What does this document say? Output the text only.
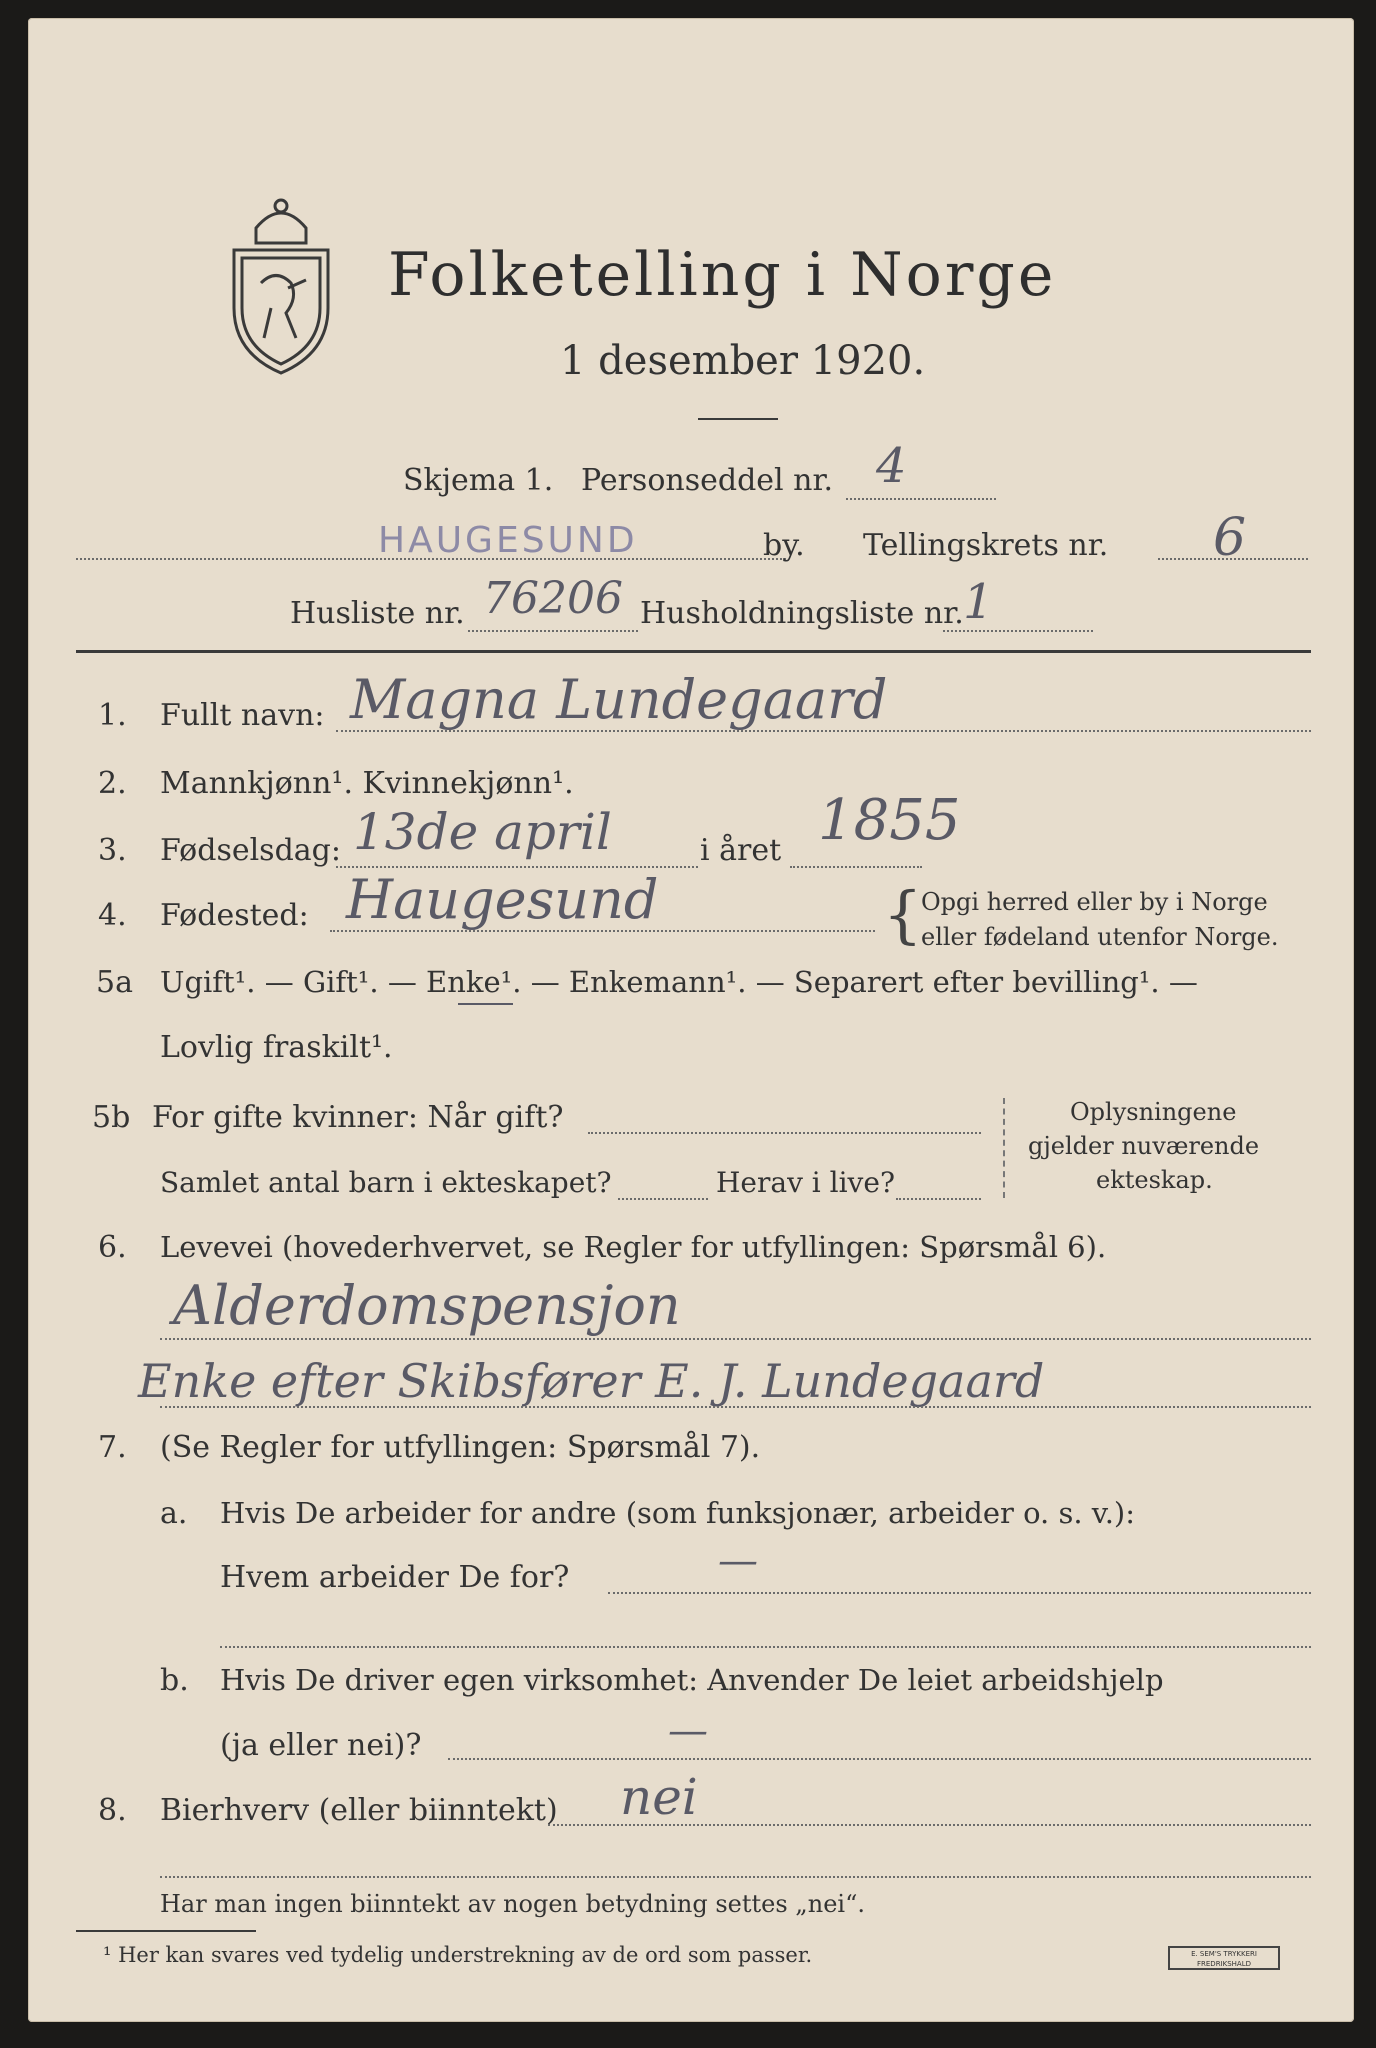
Folketelling i Norge
1 desember 1920.
Skjema 1. Personseddel nr. 4
HAUGESUND	by. Tellingskrets nr. 6
Husliste nr. 76206 Husholdningsliste nr. 1
1. Fullt navn: Magna Lundegaard
2. Mannkjønn¹. Kvinnekjønn¹.
3. Fødselsdag: 13de april	i året 1855
4. Fødested: Haugesund	{
Opgi herred eller by i Norge
eller fødeland utenfor Norge.
5a Ugift¹. — Gift¹. — Enke¹. — Enkemann¹. — Separert efter bevilling¹. —
Lovlig fraskilt¹.
5b For gifte kvinner: Når gift?
Samlet antal barn i ekteskapet?	Herav i live?
Oplysningene
gjelder nuværende
ekteskap.
6. Levevei (hovederhvervet, se Regler for utfyllingen: Spørsmål 6).
Alderdomspensjon
Enke efter Skibsfører E. J. Lundegaard
7. (Se Regler for utfyllingen: Spørsmål 7).
a. Hvis De arbeider for andre (som funksjonær, arbeider o. s. v.):
Hvem arbeider De for?	—
b. Hvis De driver egen virksomhet: Anvender De leiet arbeidshjelp
(ja eller nei)?	—
8. Bierhverv (eller biinntekt) nei
Har man ingen biinntekt av nogen betydning settes „nei“.
¹ Her kan svares ved tydelig understrekning av de ord som passer.	E. SEM'S TRYKKERI FREDRIKSHALD
